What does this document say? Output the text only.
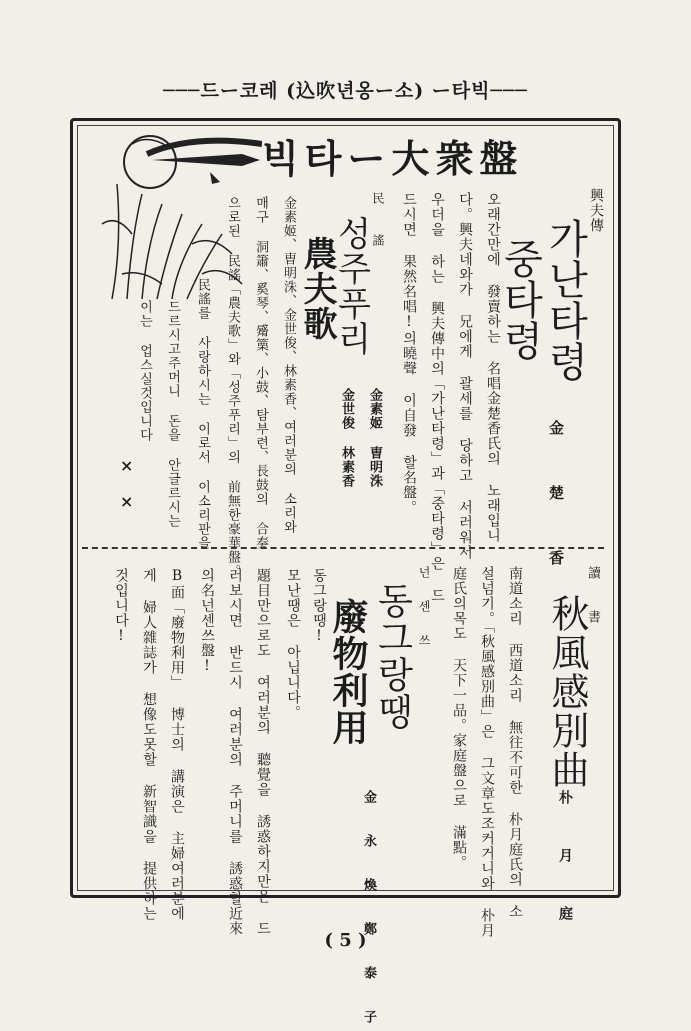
───드ー코레 (込吹년옹ー소) ー타빅───
빅타ー大衆盤
興夫傳
가난타령
중타령
金 楚 香
오래간만에 發賣하는 名唱金楚香氏의 노래입니
다。興夫네와가 兄에게 괄세를 당하고 서러워서
우더을 하는 興夫傳中의「가난타령」과「중타령」은 드
드시면 果然名唱!의曉聲 이自發 할名盤。
民 謠
성주푸리
農夫歌
金素姬 曺明洙
金世俊 林素香
金素姬、曺明洙、金世俊、林素香、여러분의 소리와
매구 洞簫、奚琴、觱篥、小鼓、탐부련、長鼓의 合奏
으로된 民謠「農夫歌」와「성주푸리」의 前無한豪華盤。
民謠를 사랑하시는 이로서 이소리판을
드르시고주머니 돈을 안글르시는
이는 업스실것입니다
×
×
讀 書
秋風感別曲
朴 月 庭
南道소리 西道소리 無往不可한 朴月庭氏의 소
설넘기。「秋風感別曲」은 그文章도조커거니와 朴月
庭氏의목도 天下一品。家庭盤으로 滿點。
넌 센 쓰
동그랑땡
廢物利用
金 永 煥 鄭 泰 子
동그랑땡!
모난땡은 아닙니다。
題目만으로도 여러분의 聽覺을 誘惑하지만은 드
러보시면 반드시 여러분의 주머니를 誘惑할近來
의名넌센쓰盤!
B面「廢物利用」 博士의 講演은 主婦여러분에
게 婦人雜誌가 想像도못할 新智識을 提供하는
것입니다!
( 5 )
